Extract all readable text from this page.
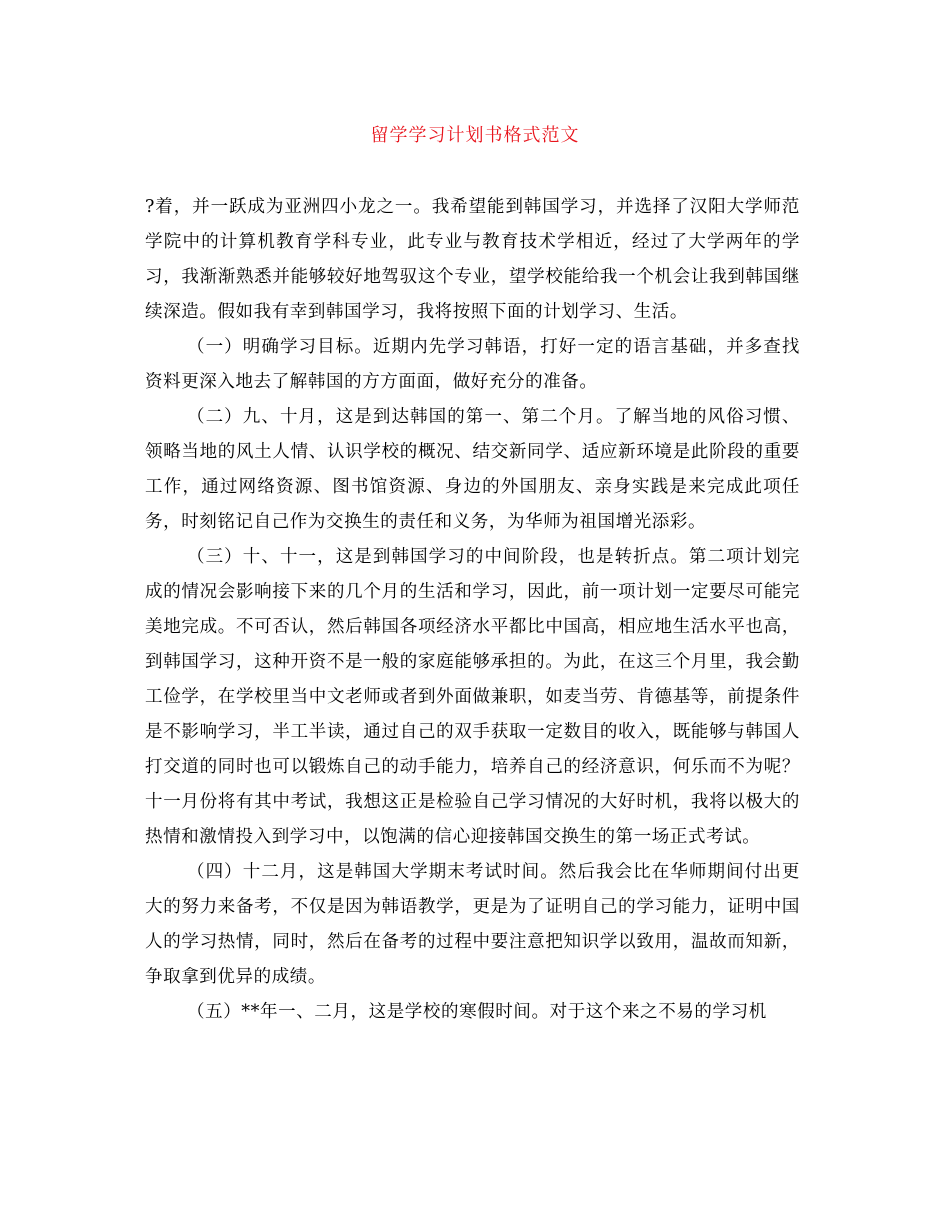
留学学习计划书格式范文

?着，并一跃成为亚洲四小龙之一。我希望能到韩国学习，并选择了汉阳大学师范学院中的计算机教育学科专业，此专业与教育技术学相近，经过了大学两年的学习，我渐渐熟悉并能够较好地驾驭这个专业，望学校能给我一个机会让我到韩国继续深造。假如我有幸到韩国学习，我将按照下面的计划学习、生活。

（一）明确学习目标。近期内先学习韩语，打好一定的语言基础，并多查找资料更深入地去了解韩国的方方面面，做好充分的准备。

（二）九、十月，这是到达韩国的第一、第二个月。了解当地的风俗习惯、领略当地的风土人情、认识学校的概况、结交新同学、适应新环境是此阶段的重要工作，通过网络资源、图书馆资源、身边的外国朋友、亲身实践是来完成此项任务，时刻铭记自己作为交换生的责任和义务，为华师为祖国增光添彩。

（三）十、十一，这是到韩国学习的中间阶段，也是转折点。第二项计划完成的情况会影响接下来的几个月的生活和学习，因此，前一项计划一定要尽可能完美地完成。不可否认，然后韩国各项经济水平都比中国高，相应地生活水平也高，到韩国学习，这种开资不是一般的家庭能够承担的。为此，在这三个月里，我会勤工俭学，在学校里当中文老师或者到外面做兼职，如麦当劳、肯德基等，前提条件是不影响学习，半工半读，通过自己的双手获取一定数目的收入，既能够与韩国人打交道的同时也可以锻炼自己的动手能力，培养自己的经济意识，何乐而不为呢？十一月份将有其中考试，我想这正是检验自己学习情况的大好时机，我将以极大的热情和激情投入到学习中，以饱满的信心迎接韩国交换生的第一场正式考试。

（四）十二月，这是韩国大学期末考试时间。然后我会比在华师期间付出更大的努力来备考，不仅是因为韩语教学，更是为了证明自己的学习能力，证明中国人的学习热情，同时，然后在备考的过程中要注意把知识学以致用，温故而知新，争取拿到优异的成绩。

（五）**年一、二月，这是学校的寒假时间。对于这个来之不易的学习机
